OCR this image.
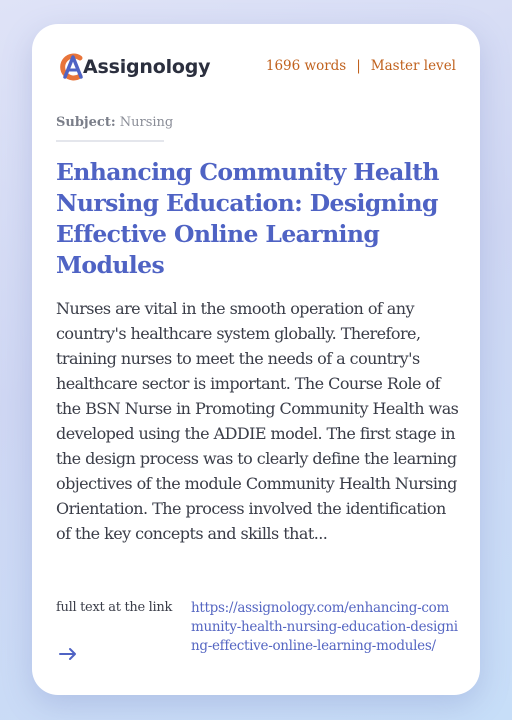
Assignology	1696 words | Master level
Subject: Nursing
Enhancing Community Health Nursing Education: Designing Effective Online Learning Modules

Nurses are vital in the smooth operation of any country's healthcare system globally. Therefore, training nurses to meet the needs of a country's healthcare sector is important. The Course Role of the BSN Nurse in Promoting Community Health was developed using the ADDIE model. The first stage in the design process was to clearly define the learning objectives of the module Community Health Nursing Orientation. The process involved the identification of the key concepts and skills that...

full text at the link https://assignology.com/enhancing-community-health-nursing-education-designing-effective-online-learning-modules/
